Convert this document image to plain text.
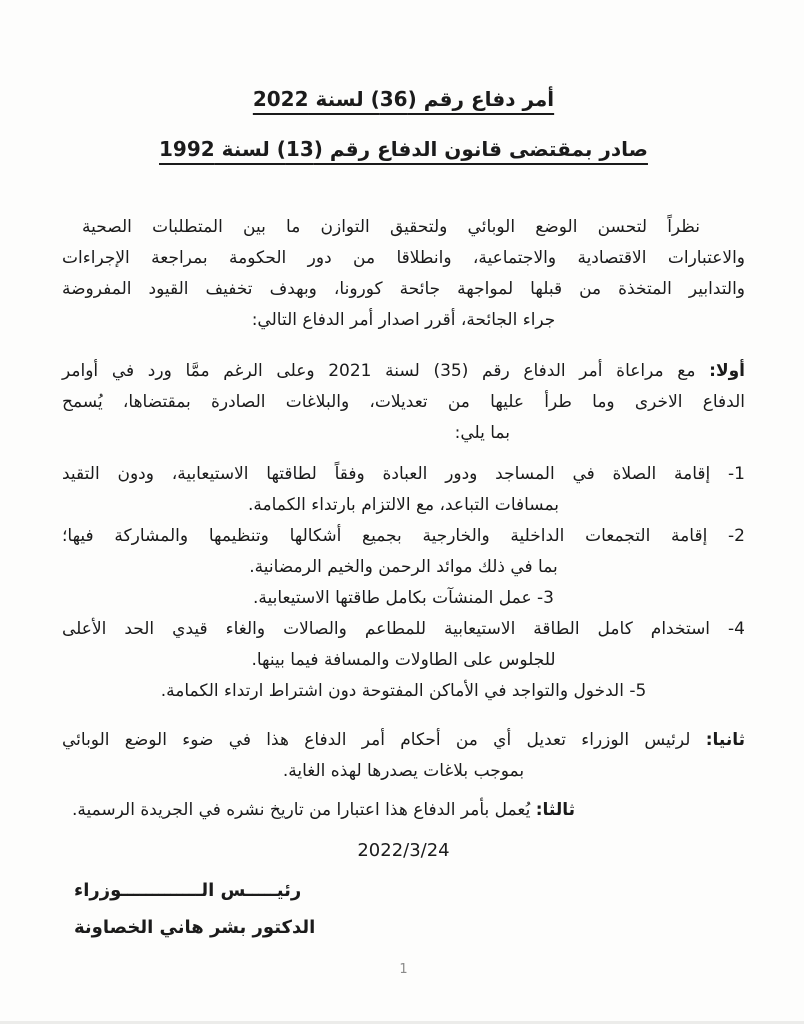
أمر دفاع رقم (36) لسنة 2022
صادر بمقتضى قانون الدفاع رقم (13) لسنة 1992
نظراً لتحسن الوضع الوبائي ولتحقيق التوازن ما بين المتطلبات الصحية
والاعتبارات الاقتصادية والاجتماعية، وانطلاقا من دور الحكومة بمراجعة الإجراءات
والتدابير المتخذة من قبلها لمواجهة جائحة كورونا، وبهدف تخفيف القيود المفروضة
جراء الجائحة، أقرر اصدار أمر الدفاع التالي:
أولا: مع مراعاة أمر الدفاع رقم (35) لسنة 2021 وعلى الرغم ممَّا ورد في أوامر
الدفاع الاخرى وما طرأ عليها من تعديلات، والبلاغات الصادرة بمقتضاها، يُسمح
بما يلي:
1- إقامة الصلاة في المساجد ودور العبادة وفقاً لطاقتها الاستيعابية، ودون التقيد
بمسافات التباعد، مع الالتزام بارتداء الكمامة.
2- إقامة التجمعات الداخلية والخارجية بجميع أشكالها وتنظيمها والمشاركة فيها؛
بما في ذلك موائد الرحمن والخيم الرمضانية.
3- عمل المنشآت بكامل طاقتها الاستيعابية.
4- استخدام كامل الطاقة الاستيعابية للمطاعم والصالات والغاء قيدي الحد الأعلى
للجلوس على الطاولات والمسافة فيما بينها.
5- الدخول والتواجد في الأماكن المفتوحة دون اشتراط ارتداء الكمامة.
ثانيا: لرئيس الوزراء تعديل أي من أحكام أمر الدفاع هذا في ضوء الوضع الوبائي
بموجب بلاغات يصدرها لهذه الغاية.
ثالثا: يُعمل بأمر الدفاع هذا اعتبارا من تاريخ نشره في الجريدة الرسمية.
2022/3/24
رئيـــــس الـــــــــــــوزراء
الدكتور بشر هاني الخصاونة
1
